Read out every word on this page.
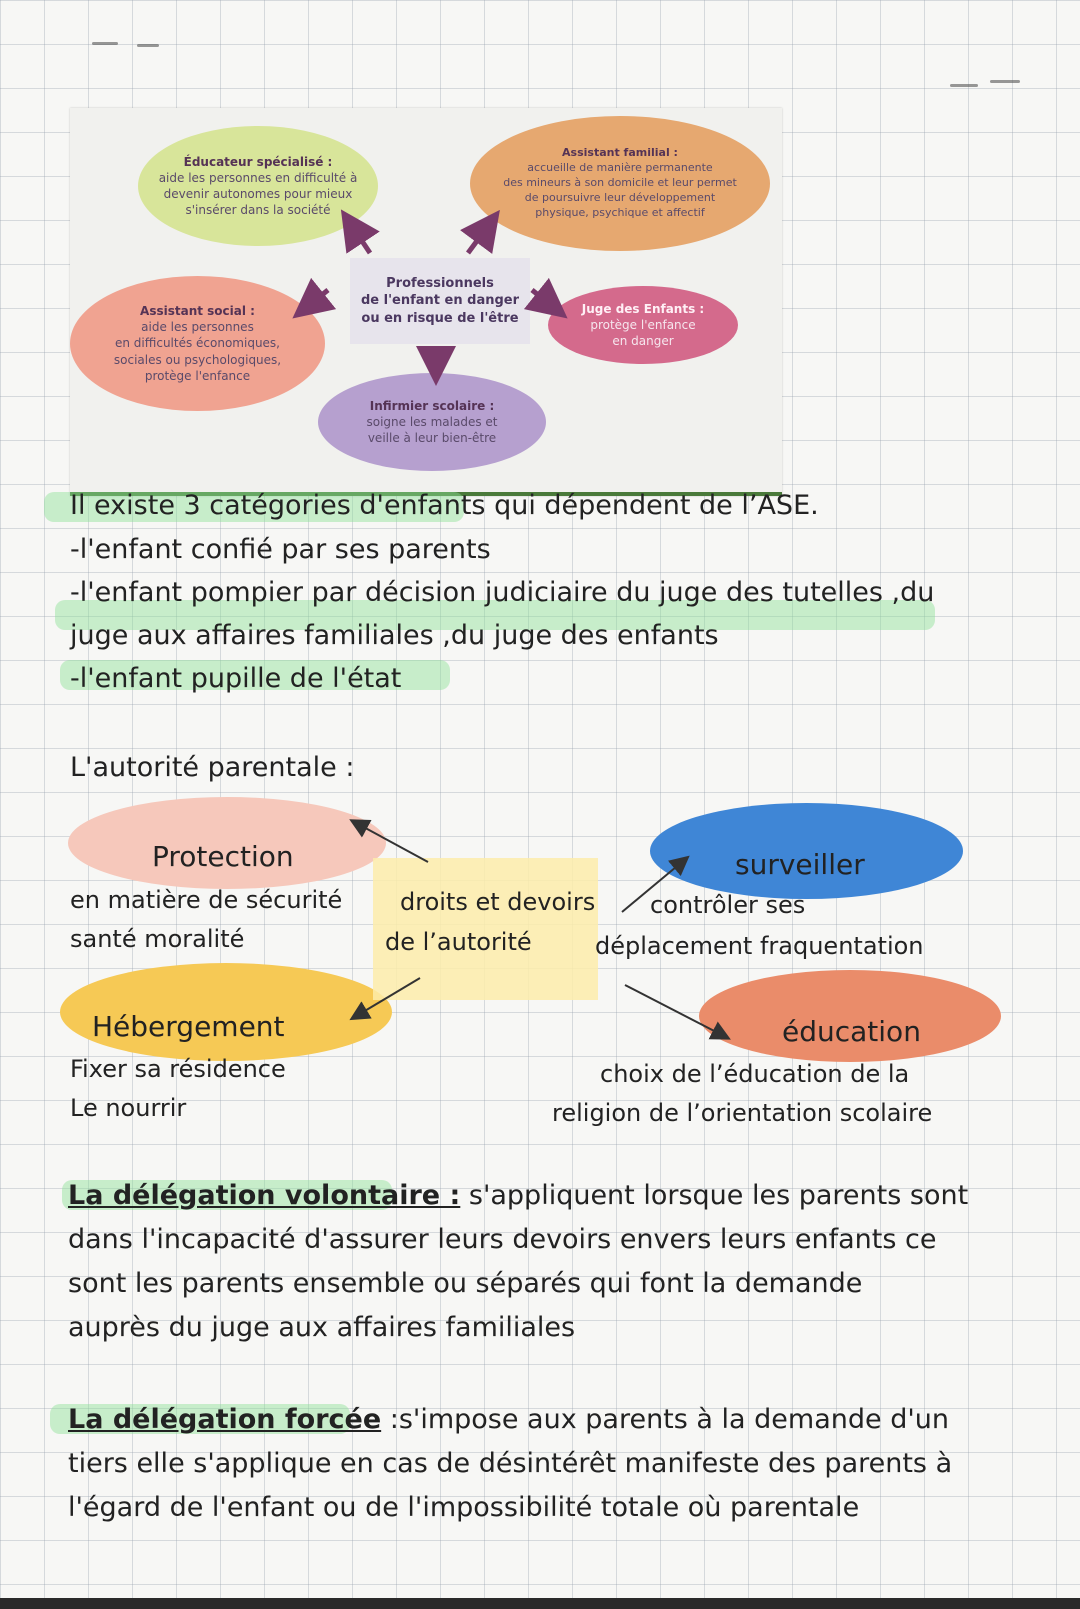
Éducateur spécialisé :
aide les personnes en difficulté à
devenir autonomes pour mieux
s'insérer dans la société
Assistant familial :
accueille de manière permanente
des mineurs à son domicile et leur permet
de poursuivre leur développement
physique, psychique et affectif
Assistant social :
aide les personnes
en difficultés économiques,
sociales ou psychologiques,
protège l'enfance
Juge des Enfants :
protège l'enfance
en danger
Infirmier scolaire :
soigne les malades et
veille à leur bien-être
Professionnels
de l'enfant en danger
ou en risque de l'être
Il existe 3 catégories d'enfants qui dépendent de l’ASE.
-l'enfant confié par ses parents
-l'enfant pompier par décision judiciaire du juge des tutelles ,du
juge aux affaires familiales ,du juge des enfants
-l'enfant pupille de l'état
L'autorité parentale :
droits et devoirs
de l’autorité
Protection
en matière de sécurité
santé moralité
surveiller
contrôler ses
déplacement fraquentation
Hébergement
Fixer sa résidence
Le nourrir
éducation
choix de l’éducation de la
religion de l’orientation scolaire
La délégation volontaire : s'appliquent lorsque les parents sont
dans l'incapacité d'assurer leurs devoirs envers leurs enfants ce
sont les parents ensemble ou séparés qui font la demande
auprès du juge aux affaires familiales
La délégation forcée :s'impose aux parents à la demande d'un
tiers elle s'applique en cas de désintérêt manifeste des parents à
l'égard de l'enfant ou de l'impossibilité totale où parentale
